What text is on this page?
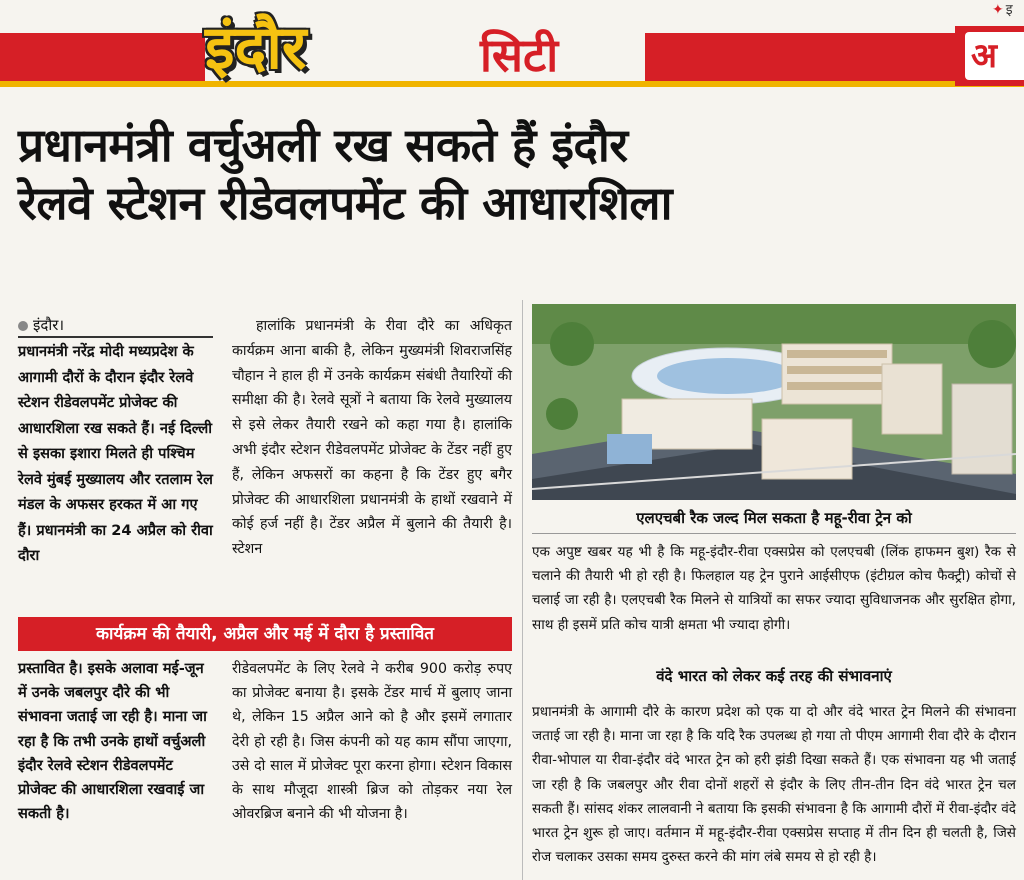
इंदौर	सिटी	अ
✦ इ
प्रधानमंत्री वर्चुअली रख सकते हैं इंदौर
रेलवे स्टेशन रीडेवलपमेंट की आधारशिला
इंदौर।
प्रधानमंत्री नरेंद्र मोदी मध्यप्रदेश के आगामी दौरों के दौरान इंदौर रेलवे स्टेशन रीडेवलपमेंट प्रोजेक्ट की आधारशिला रख सकते हैं। नई दिल्ली से इसका इशारा मिलते ही पश्चिम रेलवे मुंबई मुख्यालय और रतलाम रेल मंडल के अफसर हरकत में आ गए हैं। प्रधानमंत्री का 24 अप्रैल को रीवा दौरा
हालांकि प्रधानमंत्री के रीवा दौरे का अधिकृत कार्यक्रम आना बाकी है, लेकिन मुख्यमंत्री शिवराजसिंह चौहान ने हाल ही में उनके कार्यक्रम संबंधी तैयारियों की समीक्षा की है। रेलवे सूत्रों ने बताया कि रेलवे मुख्यालय से इसे लेकर तैयारी रखने को कहा गया है। हालांकि अभी इंदौर स्टेशन रीडेवलपमेंट प्रोजेक्ट के टेंडर नहीं हुए हैं, लेकिन अफसरों का कहना है कि टेंडर हुए बगैर प्रोजेक्ट की आधारशिला प्रधानमंत्री के हाथों रखवाने में कोई हर्ज नहीं है। टेंडर अप्रैल में बुलाने की तैयारी है। स्टेशन
कार्यक्रम की तैयारी, अप्रैल और मई में दौरा है प्रस्तावित
प्रस्तावित है। इसके अलावा मई-जून में उनके जबलपुर दौरे की भी संभावना जताई जा रही है। माना जा रहा है कि तभी उनके हाथों वर्चुअली इंदौर रेलवे स्टेशन रीडेवलपमेंट प्रोजेक्ट की आधारशिला रखवाई जा सकती है।
रीडेवलपमेंट के लिए रेलवे ने करीब 900 करोड़ रुपए का प्रोजेक्ट बनाया है। इसके टेंडर मार्च में बुलाए जाना थे, लेकिन 15 अप्रैल आने को है और इसमें लगातार देरी हो रही है। जिस कंपनी को यह काम सौंपा जाएगा, उसे दो साल में प्रोजेक्ट पूरा करना होगा। स्टेशन विकास के साथ मौजूदा शास्त्री ब्रिज को तोड़कर नया रेल ओवरब्रिज बनाने की भी योजना है।
एलएचबी रैक जल्द मिल सकता है महू-रीवा ट्रेन को
एक अपुष्ट खबर यह भी है कि महू-इंदौर-रीवा एक्सप्रेस को एलएचबी (लिंक हाफमन बुश) रैक से चलाने की तैयारी भी हो रही है। फिलहाल यह ट्रेन पुराने आईसीएफ (इंटीग्रल कोच फैक्ट्री) कोचों से चलाई जा रही है। एलएचबी रैक मिलने से यात्रियों का सफर ज्यादा सुविधाजनक और सुरक्षित होगा, साथ ही इसमें प्रति कोच यात्री क्षमता भी ज्यादा होगी।
वंदे भारत को लेकर कई तरह की संभावनाएं
प्रधानमंत्री के आगामी दौरे के कारण प्रदेश को एक या दो और वंदे भारत ट्रेन मिलने की संभावना जताई जा रही है। माना जा रहा है कि यदि रैक उपलब्ध हो गया तो पीएम आगामी रीवा दौरे के दौरान रीवा-भोपाल या रीवा-इंदौर वंदे भारत ट्रेन को हरी झंडी दिखा सकते हैं। एक संभावना यह भी जताई जा रही है कि जबलपुर और रीवा दोनों शहरों से इंदौर के लिए तीन-तीन दिन वंदे भारत ट्रेन चल सकती हैं। सांसद शंकर लालवानी ने बताया कि इसकी संभावना है कि आगामी दौरों में रीवा-इंदौर वंदे भारत ट्रेन शुरू हो जाए। वर्तमान में महू-इंदौर-रीवा एक्सप्रेस सप्ताह में तीन दिन ही चलती है, जिसे रोज चलाकर उसका समय दुरुस्त करने की मांग लंबे समय से हो रही है।
